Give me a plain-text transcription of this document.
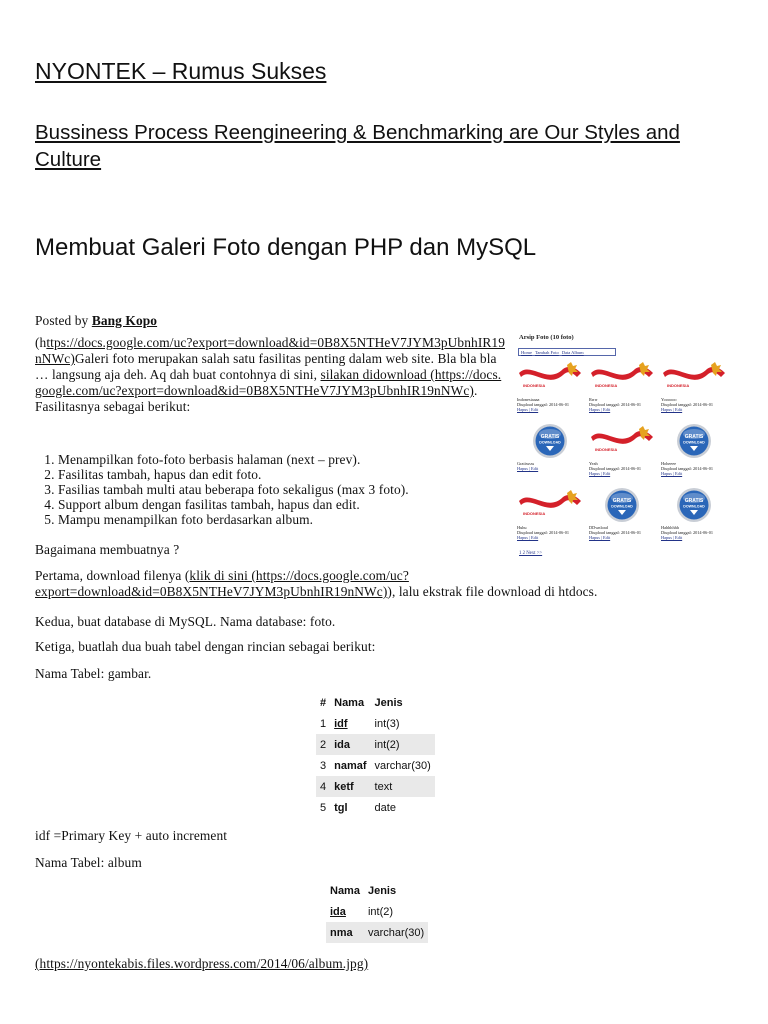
NYONTEK – Rumus Sukses
Bussiness Process Reengineering & Benchmarking are Our Styles and Culture
Membuat Galeri Foto dengan PHP dan MySQL
Posted by Bang Kopo
(https://docs.google.com/uc?export=download&id=0B8X5NTHeV7JYM3pUbnhIR19nNWc)Galeri foto merupakan salah satu fasilitas penting dalam web site. Bla bla bla … langsung aja deh. Aq dah buat contohnya di sini, silakan didownload (https://docs.google.com/uc?export=download&id=0B8X5NTHeV7JYM3pUbnhIR19nNWc). Fasilitasnya sebagai berikut:
1. Menampilkan foto-foto berbasis halaman (next – prev).
2. Fasilitas tambah, hapus dan edit foto.
3. Fasilias tambah multi atau beberapa foto sekaligus (max 3 foto).
4. Support album dengan fasilitas tambah, hapus dan edit.
5. Mampu menampilkan foto berdasarkan album.
Bagaimana membuatnya ?
Pertama, download filenya (klik di sini (https://docs.google.com/uc?export=download&id=0B8X5NTHeV7JYM3pUbnhIR19nNWc)), lalu ekstrak file download di htdocs.
Kedua, buat database di MySQL. Nama database: foto.
Ketiga, buatlah dua buah tabel dengan rincian sebagai berikut:
Nama Tabel: gambar.
#	Nama	Jenis
1	idf	int(3)
2	ida	int(2)
3	namaf	varchar(30)
4	ketf	text
5	tgl	date
idf =Primary Key + auto increment
Nama Tabel: album
Nama	Jenis
ida	int(2)
nma	varchar(30)
(https://nyontekabis.files.wordpress.com/2014/06/album.jpg)
Arsip Foto (10 foto)
Home Tambah Foto Data Album
INDONESIA
Indonesiaaaa
Diupload tanggal: 2014-06-01
Hapus | Edit
INDONESIA
Rrrrr
Diupload tanggal: 2014-06-01
Hapus | Edit
INDONESIA
Yoooooo
Diupload tanggal: 2014-06-01
Hapus | Edit
GRATIS
DOWNLOAD
Gratisssss
Hapus | Edit
INDONESIA
Yeah
Diupload tanggal: 2014-06-01
Hapus | Edit
GRATIS
DOWNLOAD
Hoheeee
Diupload tanggal: 2014-06-01
Hapus | Edit
INDONESIA
Huhu
Diupload tanggal: 2014-06-01
Hapus | Edit
GRATIS
DOWNLOAD
DDwnload
Diupload tanggal: 2014-06-01
Hapus | Edit
GRATIS
DOWNLOAD
Hahhhhhh
Diupload tanggal: 2014-06-01
Hapus | Edit
1 2 Next >>
